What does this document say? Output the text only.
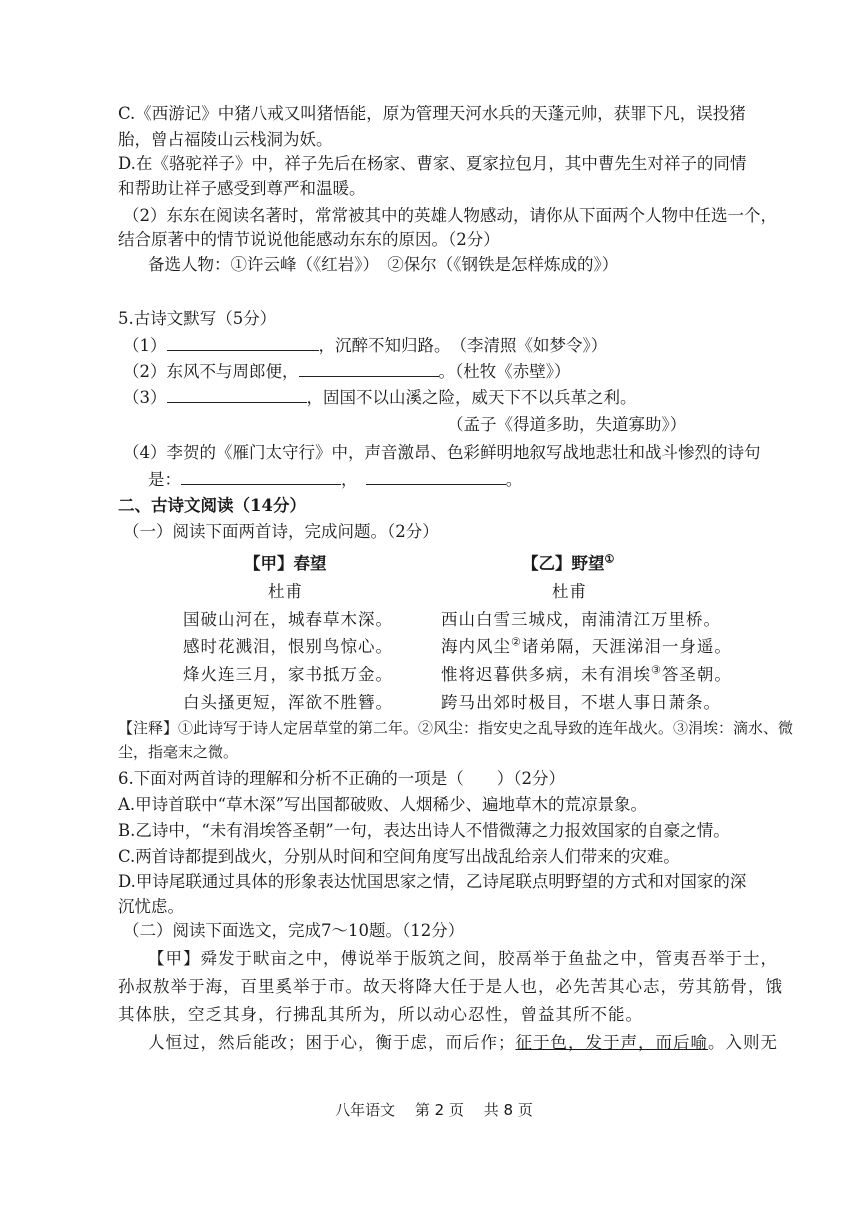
C.《西游记》中猪八戒又叫猪悟能，原为管理天河水兵的天蓬元帅，获罪下凡，误投猪
胎，曾占福陵山云栈洞为妖。
D.在《骆驼祥子》中，祥子先后在杨家、曹家、夏家拉包月，其中曹先生对祥子的同情
和帮助让祥子感受到尊严和温暖。
（2）东东在阅读名著时，常常被其中的英雄人物感动，请你从下面两个人物中任选一个，
结合原著中的情节说说他能感动东东的原因。（2分）
备选人物：①许云峰（《红岩》）　②保尔（《钢铁是怎样炼成的》）
5.古诗文默写（5分）
（1）	，沉醉不知归路。　（李清照《如梦令》）
（2）东风不与周郎便，	。（杜牧《赤壁》）
（3）	，固国不以山溪之险，威天下不以兵革之利。
（孟子《得道多助，失道寡助》）
（4）李贺的《雁门太守行》中，声音激昂、色彩鲜明地叙写战地悲壮和战斗惨烈的诗句
是：	，　	。
二、古诗文阅读（14分）
（一）阅读下面两首诗，完成问题。（2分）
【甲】春望
杜甫
国破山河在，城春草木深。
感时花溅泪，恨别鸟惊心。
烽火连三月，家书抵万金。
白头搔更短，浑欲不胜簪。
【乙】野望①
杜甫
西山白雪三城戍，南浦清江万里桥。
海内风尘②诸弟隔，天涯涕泪一身遥。
惟将迟暮供多病，未有涓埃③答圣朝。
跨马出郊时极目，不堪人事日萧条。
【注释】①此诗写于诗人定居草堂的第二年。②风尘：指安史之乱导致的连年战火。③涓埃：滴水、微
尘，指毫末之微。
6.下面对两首诗的理解和分析不正确的一项是（　　）（2分）
A.甲诗首联中“草木深”写出国都破败、人烟稀少、遍地草木的荒凉景象。
B.乙诗中，“未有涓埃答圣朝”一句，表达出诗人不惜微薄之力报效国家的自豪之情。
C.两首诗都提到战火，分别从时间和空间角度写出战乱给亲人们带来的灾难。
D.甲诗尾联通过具体的形象表达忧国思家之情，乙诗尾联点明野望的方式和对国家的深
沉忧虑。
（二）阅读下面选文，完成7～10题。（12分）
【甲】舜发于畎亩之中，傅说举于版筑之间，胶鬲举于鱼盐之中，管夷吾举于士，
孙叔敖举于海，百里奚举于市。故天将降大任于是人也，必先苦其心志，劳其筋骨，饿
其体肤，空乏其身，行拂乱其所为，所以动心忍性，曾益其所不能。
人恒过，然后能改；困于心，衡于虑，而后作；征于色，发于声，而后喻。入则无
八年语文　 第 2 页　 共 8 页
